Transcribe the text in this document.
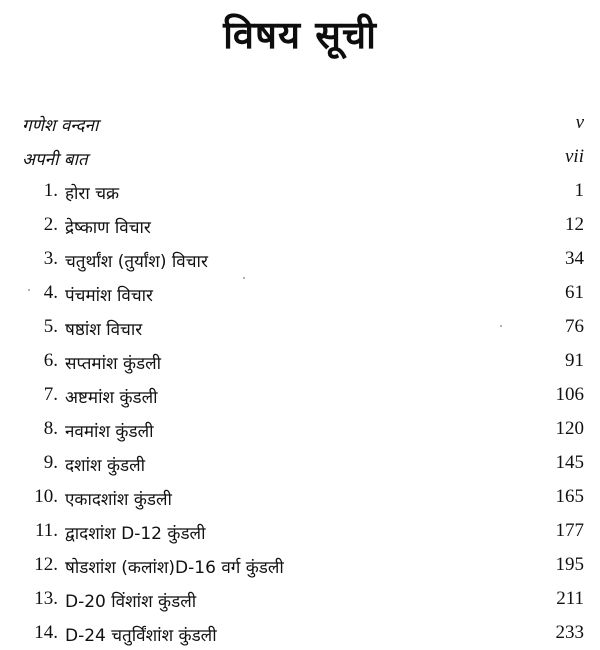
विषय सूची
गणेश वन्दना	v
अपनी बात	vii
1. होरा चक्र	1
2. द्रेष्काण विचार	12
3. चतुर्थांश (तुर्यांश) विचार	34
4. पंचमांश विचार	61
5. षष्ठांश विचार	76
6. सप्तमांश कुंडली	91
7. अष्टमांश कुंडली	106
8. नवमांश कुंडली	120
9. दशांश कुंडली	145
10. एकादशांश कुंडली	165
11. द्वादशांश D-12 कुंडली	177
12. षोडशांश (कलांश)D-16 वर्ग कुंडली	195
13. D-20 विंशांश कुंडली	211
14. D-24 चतुर्विंशांश कुंडली	233
